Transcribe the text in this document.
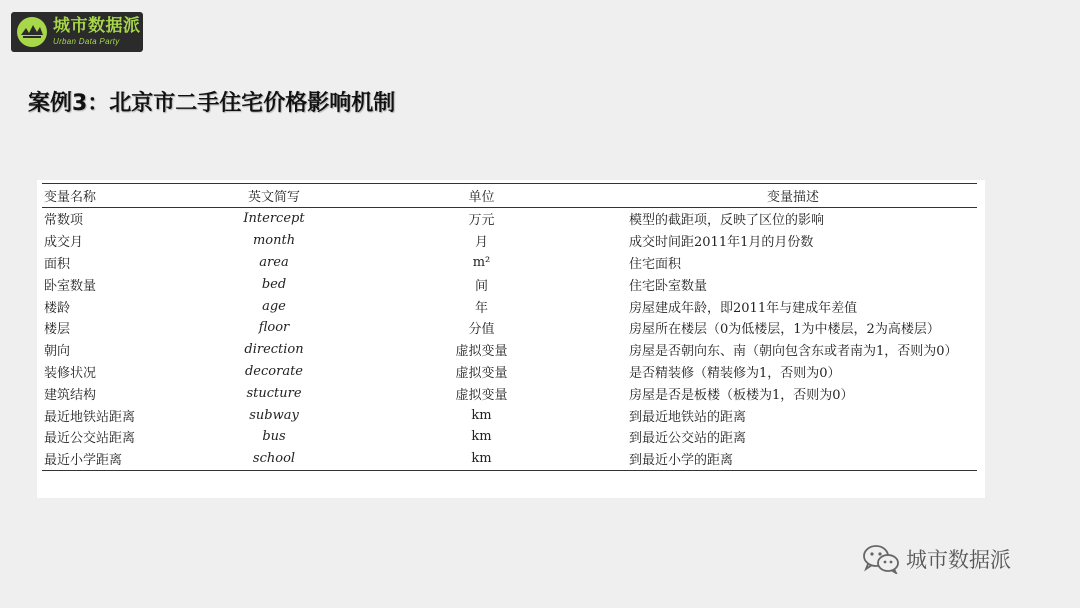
城市数据派
Urban Data Party
案例3：北京市二手住宅价格影响机制
变量名称	英文简写	单位	变量描述
常数项	Intercept	万元	模型的截距项，反映了区位的影响
成交月	month	月	成交时间距2011年1月的月份数
面积	area	m²	住宅面积
卧室数量	bed	间	住宅卧室数量
楼龄	age	年	房屋建成年龄，即2011年与建成年差值
楼层	floor	分值	房屋所在楼层（0为低楼层，1为中楼层，2为高楼层）
朝向	direction	虚拟变量	房屋是否朝向东、南（朝向包含东或者南为1，否则为0）
装修状况	decorate	虚拟变量	是否精装修（精装修为1，否则为0）
建筑结构	stucture	虚拟变量	房屋是否是板楼（板楼为1，否则为0）
最近地铁站距离	subway	km	到最近地铁站的距离
最近公交站距离	bus	km	到最近公交站的距离
最近小学距离	school	km	到最近小学的距离
城市数据派
